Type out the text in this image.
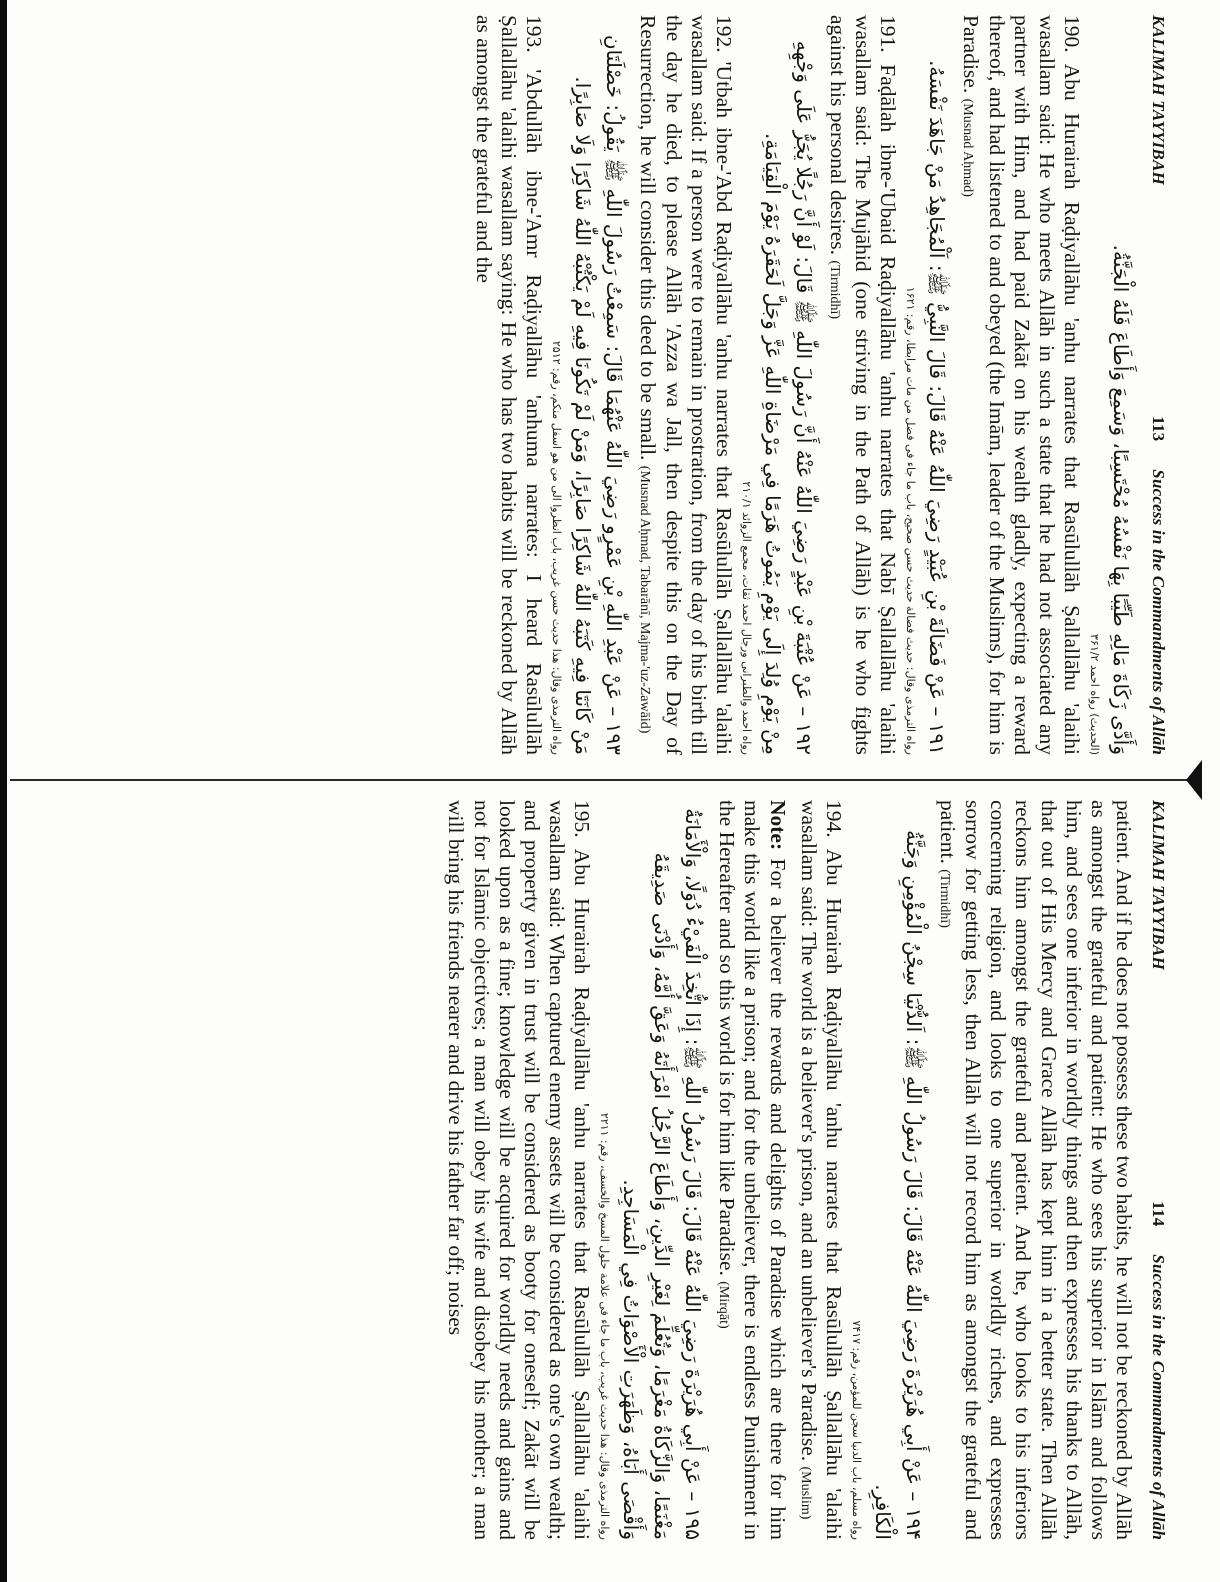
KALIMAH TAYYIBAH
113
Success in the Commandments of Allāh
وَأَدَّى زَكَاةَ مَالِهِ طَيِّبًا بِهَا نَفْسُهُ مُحْتَسِبًا، وَسَمِعَ وَأَطَاعَ فَلَهُ الْجَنَّةُ.
(الحديث) رواه احمد ۳۶۱/۲

190. Abu Hurairah Raḍiyallāhu 'anhu narrates that Rasūlullāh Ṣallallāhu 'alaihi wasallam said: He who meets Allāh in such a state that he had not associated any partner with Him, and had paid Zakāt on his wealth gladly, expecting a reward thereof, and had listened to and obeyed (the Imām, leader of the Muslims), for him is Paradise. (Musnad Aḥmad)

۱۹۱ – عَنْ فَضَالَةَ بْنِ عُبَيْدٍ رَضِيَ اللّٰهُ عَنْهُ قَالَ: قَالَ النَّبِيُّ ﷺ: اَلْمُجَاهِدُ مَنْ جَاهَدَ نَفْسَهُ.
رواه الترمذی وقال: حدیث فضالة حدیث حسن صحیح، باب ما جاء فی فضل من مات مرابطا، رقم: ۱۶۲۱

191. Faḍālah ibne-'Ubaid Raḍiyallāhu 'anhu narrates that Nabī Ṣallallāhu 'alaihi wasallam said: The Mujāhid (one striving in the Path of Allāh) is he who fights against his personal desires. (Tirmidhī)

۱۹۲ – عَنْ عُتْبَةَ بْنِ عَبْدٍ رَضِيَ اللّٰهُ عَنْهُ أَنَّ رَسُولَ اللّٰهِ ﷺ قَالَ: لَوْ أَنَّ رَجُلًا يُجَرُّ عَلَى وَجْهِهِ مِنْ يَوْمِ وُلِدَ إِلَى يَوْمِ يَمُوتُ هَرَمًا فِي مَرْضَاةِ اللّٰهِ عَزَّ وَجَلَّ لَحَقَرَهُ يَوْمَ الْقِيَامَةِ.
رواه احمد والطبرانی ورجال احمد ثقات، مجمع الزوائد ۲۱۰/۱

192. 'Utbah ibne-'Abd Raḍiyallāhu 'anhu narrates that Rasūlullāh Ṣallallāhu 'alaihi wasallam said: If a person were to remain in prostration, from the day of his birth till the day he died, to please Allāh 'Azza wa Jall, then despite this on the Day of Resurrection, he will consider this deed to be small. (Musnad Aḥmad, Tabarānī, Majma-'uz-Zawāid)

۱۹۳ – عَنْ عَبْدِ اللّٰهِ بْنِ عَمْرٍو رَضِيَ اللّٰهُ عَنْهُمَا قَالَ: سَمِعْتُ رَسُولَ اللّٰهِ ﷺ يَقُولُ: خَصْلَتَانِ مَنْ كَانَتَا فِيهِ كَتَبَهُ اللّٰهُ شَاكِرًا صَابِرًا، وَمَنْ لَمْ تَكُونَا فِيهِ لَمْ يَكْتُبْهُ اللّٰهُ شَاكِرًا وَلَا صَابِرًا.
رواه الترمذی وقال: هذا حدیث حسن غریب، باب انظروا الى من هو اسفل منکم، رقم: ۲۵۱۲

193. 'Abdullāh ibne-'Amr Raḍiyallāhu 'anhuma narrates: I heard Rasūlullāh Ṣallallāhu 'alaihi wasallam saying: He who has two habits will be reckoned by Allāh as amongst the grateful and the

KALIMAH TAYYIBAH
114
Success in the Commandments of Allāh

patient. And if he does not possess these two habits, he will not be reckoned by Allāh as amongst the grateful and patient: He who sees his superior in Islām and follows him, and sees one inferior in worldly things and then expresses his thanks to Allāh, that out of His Mercy and Grace Allāh has kept him in a better state. Then Allāh reckons him amongst the grateful and patient. And he, who looks to his inferiors concerning religion, and looks to one superior in worldly riches, and expresses sorrow for getting less, then Allāh will not record him as amongst the grateful and patient. (Tirmidhī)

۱۹۴ – عَنْ أَبِي هُرَيْرَةَ رَضِيَ اللّٰهُ عَنْهُ قَالَ: قَالَ رَسُولُ اللّٰهِ ﷺ: اَلدُّنْيَا سِجْنُ الْمُؤْمِنِ وَجَنَّةُ الْكَافِرِ.
رواه مسلم، باب الدنیا سجن للمؤمن، رقم: ۷۴۱۷

194. Abu Hurairah Raḍiyallāhu 'anhu narrates that Rasūlullāh Ṣallallāhu 'alaihi wasallam said: The world is a believer's prison, and an unbeliever's Paradise. (Muslim)

Note: For a believer the rewards and delights of Paradise which are there for him make this world like a prison; and for the unbeliever, there is endless Punishment in the Hereafter and so this world is for him like Paradise. (Mirqāt)

۱۹۵ – عَنْ أَبِي هُرَيْرَةَ رَضِيَ اللّٰهُ عَنْهُ قَالَ: قَالَ رَسُولُ اللّٰهِ ﷺ: إِذَا اتُّخِذَ الْفَيْءُ دُوَلًا، وَالْأَمَانَةُ مَغْنَمًا، وَالزَّكَاةُ مَغْرَمًا، وَتُعُلِّمَ لِغَيْرِ الدِّينِ، وَأَطَاعَ الرَّجُلُ امْرَأَتَهُ وَعَقَّ أُمَّهُ، وَأَدْنَى صَدِيقَهُ وَأَقْصَى أَبَاهُ، وَظَهَرَتِ الْأَصْوَاتُ فِي الْمَسَاجِدِ.
رواه الترمذی وقال: هذا حدیث غریب، باب ما جاء فی علامة حلول المسخ والخسف، رقم: ۲۲۱۱

195. Abu Hurairah Raḍiyallāhu 'anhu narrates that Rasūlullāh Ṣallallāhu 'alaihi wasallam said: When captured enemy assets will be considered as one's own wealth; and property given in trust will be considered as booty for oneself; Zakāt will be looked upon as a fine; knowledge will be acquired for worldly needs and gains and not for Islāmic objectives; a man will obey his wife and disobey his mother; a man will bring his friends nearer and drive his father far off; noises
